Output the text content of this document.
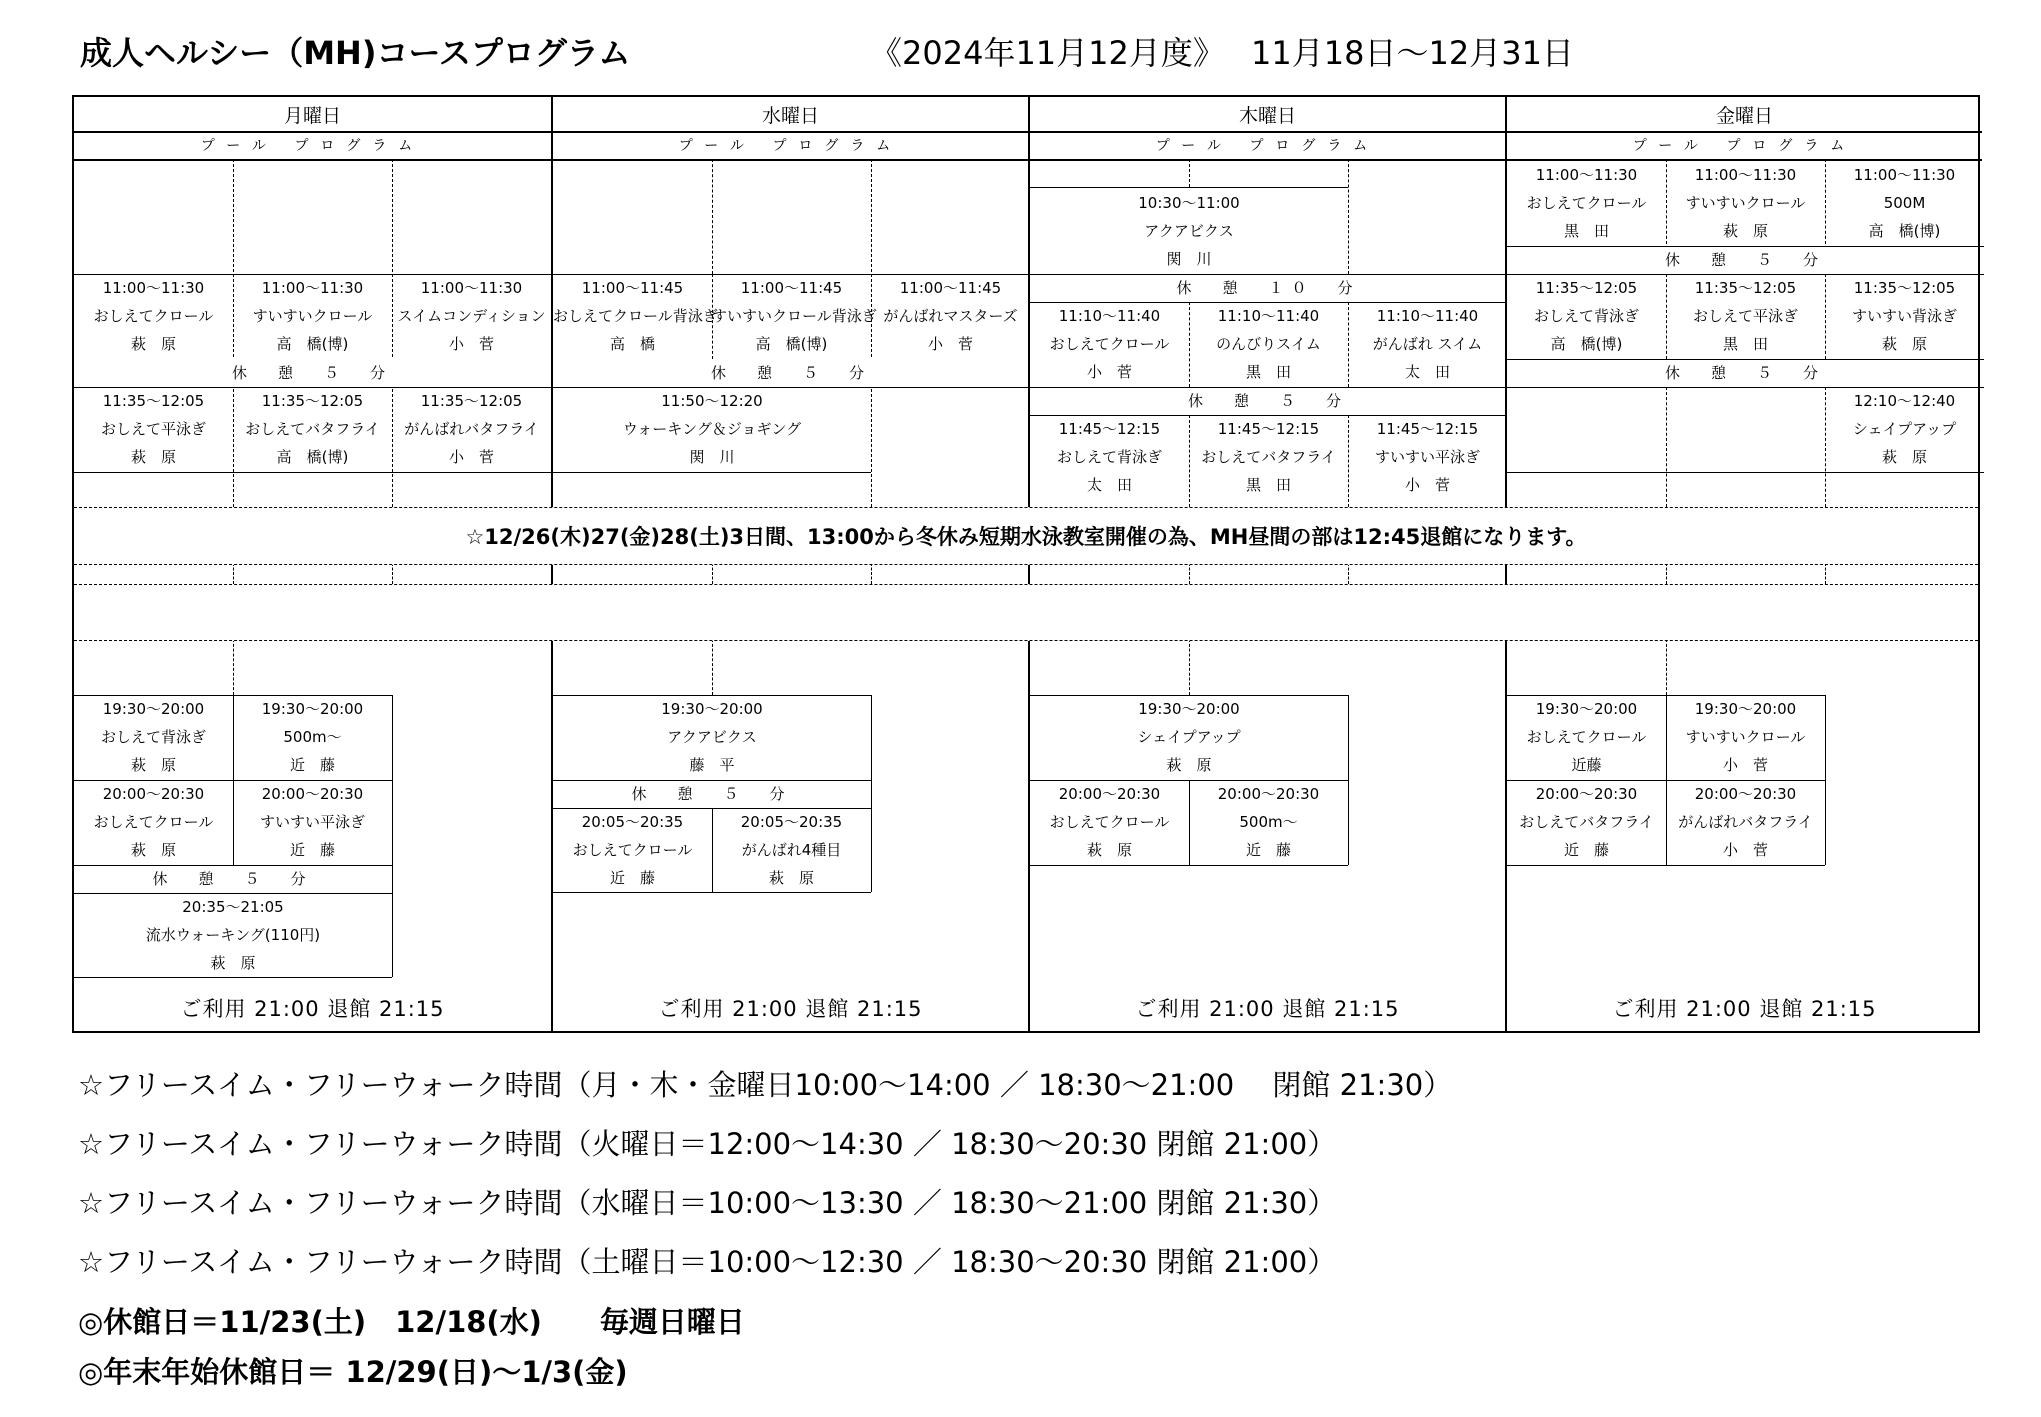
成人ヘルシー（MH)コースプログラム	《2024年11月12月度》　 11月18日～12月31日
月曜日
プール プログラム
11:00～11:30
おしえてクロール
萩　原
11:00～11:30
すいすいクロール
高　橋(博)
11:00～11:30
スイムコンディション
小　菅
休　憩　５　分
11:35～12:05
おしえて平泳ぎ
萩　原
11:35～12:05
おしえてバタフライ
高　橋(博)
11:35～12:05
がんばれバタフライ
小　菅
19:30～20:00
おしえて背泳ぎ
萩　原
19:30～20:00
500m～
近　藤
20:00～20:30
おしえてクロール
萩　原
20:00～20:30
すいすい平泳ぎ
近　藤
休　憩　５　分
20:35～21:05
流水ウォーキング(110円)
萩　原
ご利用 21:00 退館 21:15
水曜日
プール プログラム
11:00～11:45
おしえてクロール背泳ぎ
高　橋
11:00～11:45
すいすいクロール背泳ぎ
高　橋(博)
11:00～11:45
がんばれマスターズ
小　菅
休　憩　５　分
11:50～12:20
ウォーキング＆ジョギング
関　川
19:30～20:00
アクアビクス
藤　平
休　憩　５　分
20:05～20:35
おしえてクロール
近　藤
20:05～20:35
がんばれ4種目
萩　原
ご利用 21:00 退館 21:15
木曜日
プール プログラム
10:30～11:00
アクアビクス
関　川
休　憩　１０　分
11:10～11:40
おしえてクロール
小　菅
11:10～11:40
のんびりスイム
黒　田
11:10～11:40
がんばれ スイム
太　田
休　憩　５　分
11:45～12:15
おしえて背泳ぎ
太　田
11:45～12:15
おしえてバタフライ
黒　田
11:45～12:15
すいすい平泳ぎ
小　菅
19:30～20:00
シェイプアップ
萩　原
20:00～20:30
おしえてクロール
萩　原
20:00～20:30
500m～
近　藤
ご利用 21:00 退館 21:15
金曜日
プール プログラム
11:00～11:30
おしえてクロール
黒　田
11:00～11:30
すいすいクロール
萩　原
11:00～11:30
500M
高　橋(博)
休　憩　５　分
11:35～12:05
おしえて背泳ぎ
高　橋(博)
11:35～12:05
おしえて平泳ぎ
黒　田
11:35～12:05
すいすい背泳ぎ
萩　原
休　憩　５　分
12:10～12:40
シェイプアップ
萩　原
19:30～20:00
おしえてクロール
近藤
19:30～20:00
すいすいクロール
小　菅
20:00～20:30
おしえてバタフライ
近　藤
20:00～20:30
がんばれバタフライ
小　菅
ご利用 21:00 退館 21:15
☆12/26(木)27(金)28(土)3日間、13:00から冬休み短期水泳教室開催の為、MH昼間の部は12:45退館になります。
☆フリースイム・フリーウォーク時間（月・木・金曜日10:00～14:00 ／ 18:30～21:00　 閉館 21:30）
☆フリースイム・フリーウォーク時間（火曜日＝12:00～14:30 ／ 18:30～20:30 閉館 21:00）
☆フリースイム・フリーウォーク時間（水曜日＝10:00～13:30 ／ 18:30～21:00 閉館 21:30）
☆フリースイム・フリーウォーク時間（土曜日＝10:00～12:30 ／ 18:30～20:30 閉館 21:00）
◎休館日＝11/23(土)　12/18(水)　　毎週日曜日
◎年末年始休館日＝ 12/29(日)～1/3(金)
